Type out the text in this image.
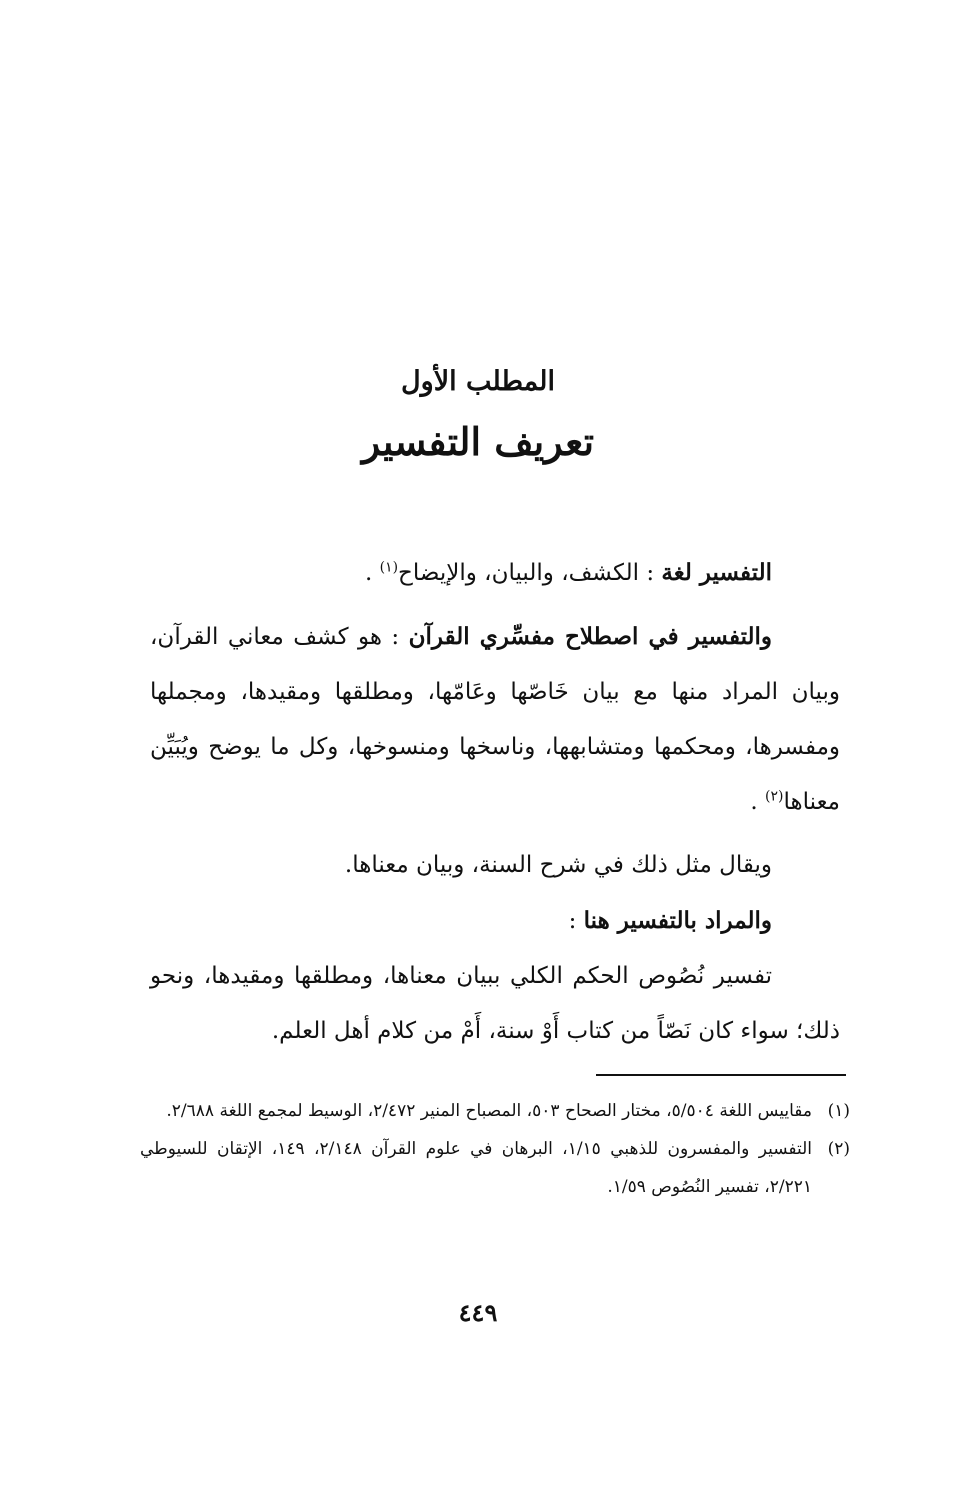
المطلب الأول
تعريف التفسير

التفسير لغة : الكشف، والبيان، والإيضاح$^{(١)}$ .

والتفسير في اصطلاح مفسِّري القرآن : هو كشف معاني القرآن، وبيان المراد منها مع بيان خَاصّها وعَامّها، ومطلقها ومقيدها، ومجملها ومفسرها، ومحكمها ومتشابهها، وناسخها ومنسوخها، وكل ما يوضح ويُبَيِّن معناها$^{(٢)}$ .

ويقال مثل ذلك في شرح السنة، وبيان معناها.

والمراد بالتفسير هنا :

تفسير نُصُوص الحكم الكلي ببيان معناها، ومطلقها ومقيدها، ونحو ذلك؛ سواء كان نَصّاً من كتاب أَوْ سنة، أَمْ من كلام أهل العلم.

(١)
مقاييس اللغة ٥/٥٠٤، مختار الصحاح ٥٠٣، المصباح المنير ٢/٤٧٢، الوسيط لمجمع اللغة ٢/٦٨٨.
(٢)
التفسير والمفسرون للذهبي ١/١٥، البرهان في علوم القرآن ٢/١٤٨، ١٤٩، الإتقان للسيوطي ٢/٢٢١، تفسير النُصُوص ١/٥٩.
٤٤٩
